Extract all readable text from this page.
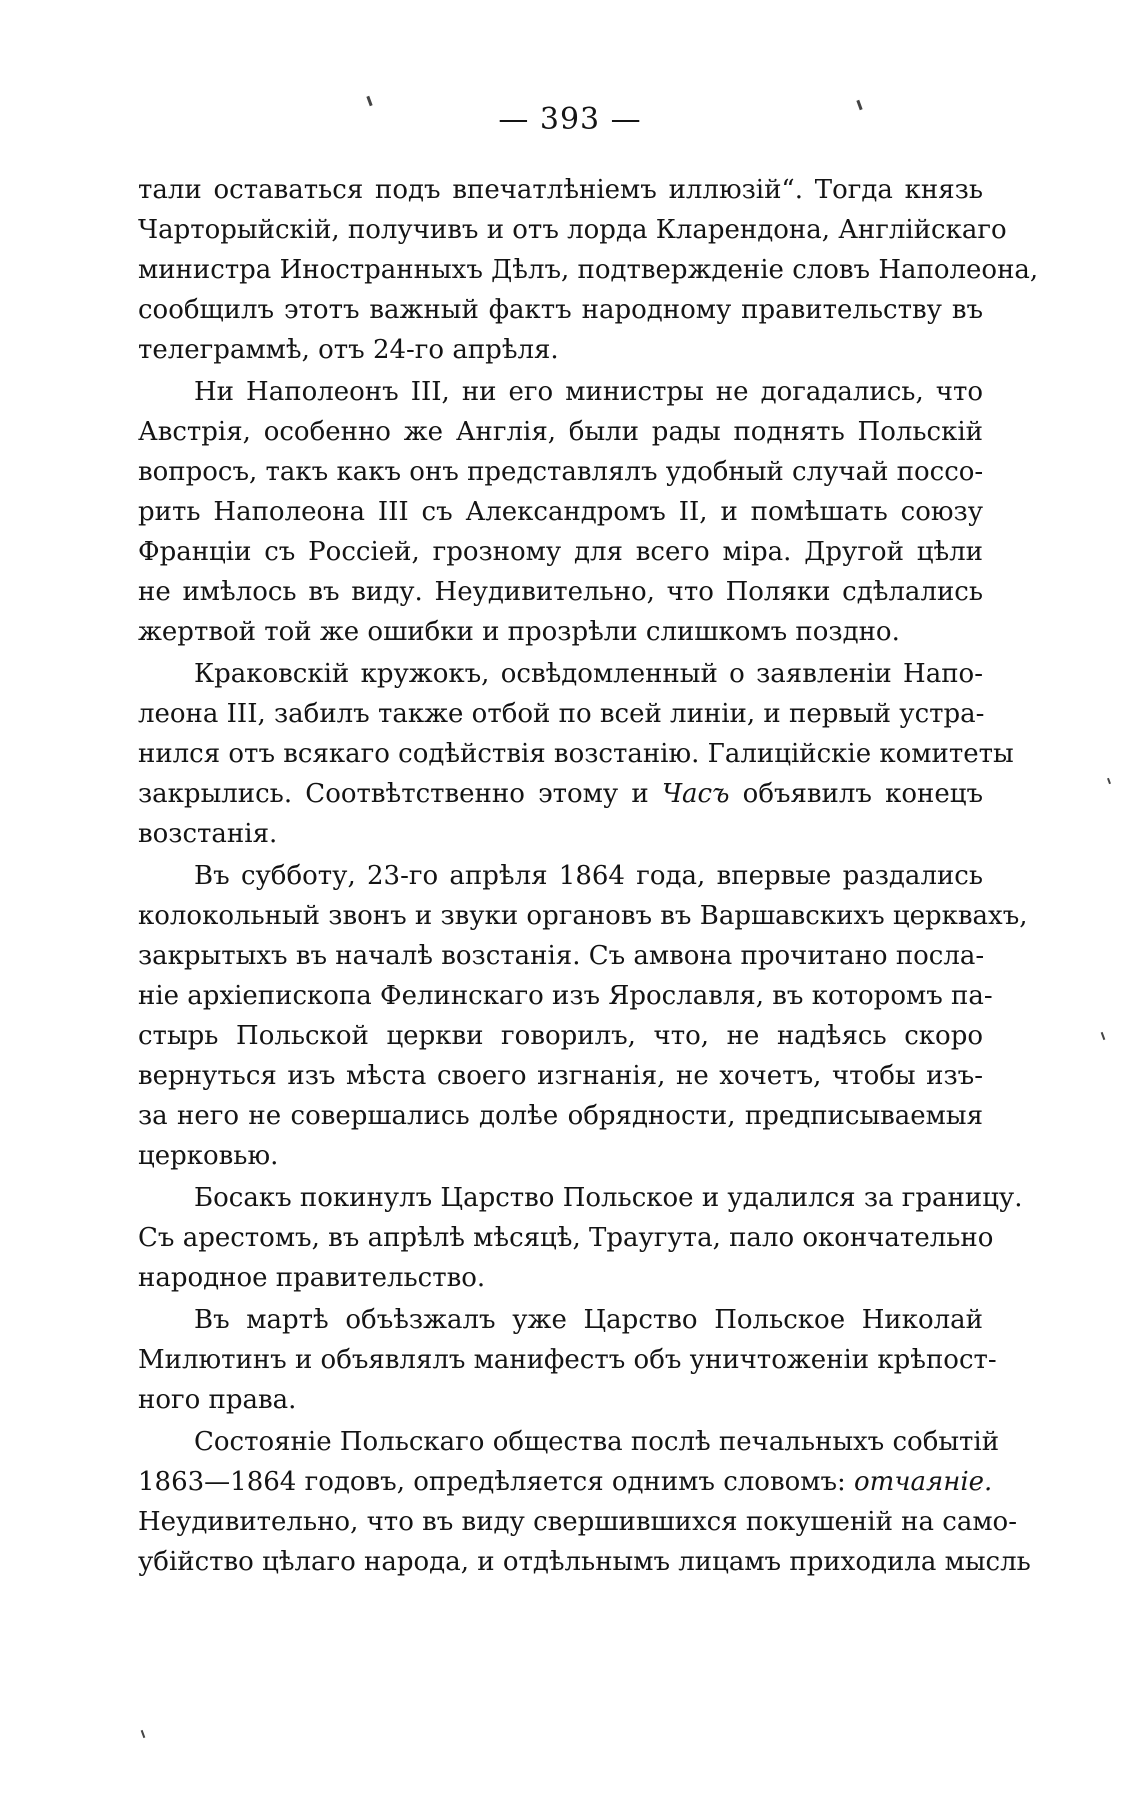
— 393 —
тали оставаться подъ впечатлѣніемъ иллюзій“. Тогда князь
Чарторыйскій, получивъ и отъ лорда Кларендона, Англійскаго
министра Иностранныхъ Дѣлъ, подтвержденіе словъ Наполеона,
сообщилъ этотъ важный фактъ народному правительству въ
телеграммѣ, отъ 24-го апрѣля.
Ни Наполеонъ III, ни его министры не догадались, что
Австрія, особенно же Англія, были рады поднять Польскій
вопросъ, такъ какъ онъ представлялъ удобный случай поссо-
рить Наполеона III съ Александромъ II, и помѣшать союзу
Франціи съ Россіей, грозному для всего міра. Другой цѣли
не имѣлось въ виду. Неудивительно, что Поляки сдѣлались
жертвой той же ошибки и прозрѣли слишкомъ поздно.
Краковскій кружокъ, освѣдомленный о заявленіи Напо-
леона III, забилъ также отбой по всей линіи, и первый устра-
нился отъ всякаго содѣйствія возстанію. Галиційскіе комитеты
закрылись. Соотвѣтственно этому и Часъ объявилъ конецъ
возстанія.
Въ субботу, 23-го апрѣля 1864 года, впервые раздались
колокольный звонъ и звуки органовъ въ Варшавскихъ церквахъ,
закрытыхъ въ началѣ возстанія. Съ амвона прочитано посла-
ніе архіепископа Фелинскаго изъ Ярославля, въ которомъ па-
стырь Польской церкви говорилъ, что, не надѣясь скоро
вернуться изъ мѣста своего изгнанія, не хочетъ, чтобы изъ-
за него не совершались долѣе обрядности, предписываемыя
церковью.
Босакъ покинулъ Царство Польское и удалился за границу.
Съ арестомъ, въ апрѣлѣ мѣсяцѣ, Траугута, пало окончательно
народное правительство.
Въ мартѣ объѣзжалъ уже Царство Польское Николай
Милютинъ и объявлялъ манифестъ объ уничтоженіи крѣпост-
ного права.
Состояніе Польскаго общества послѣ печальныхъ событій
1863—1864 годовъ, опредѣляется однимъ словомъ: отчаяніе.
Неудивительно, что въ виду свершившихся покушеній на само-
убійство цѣлаго народа, и отдѣльнымъ лицамъ приходила мысль
